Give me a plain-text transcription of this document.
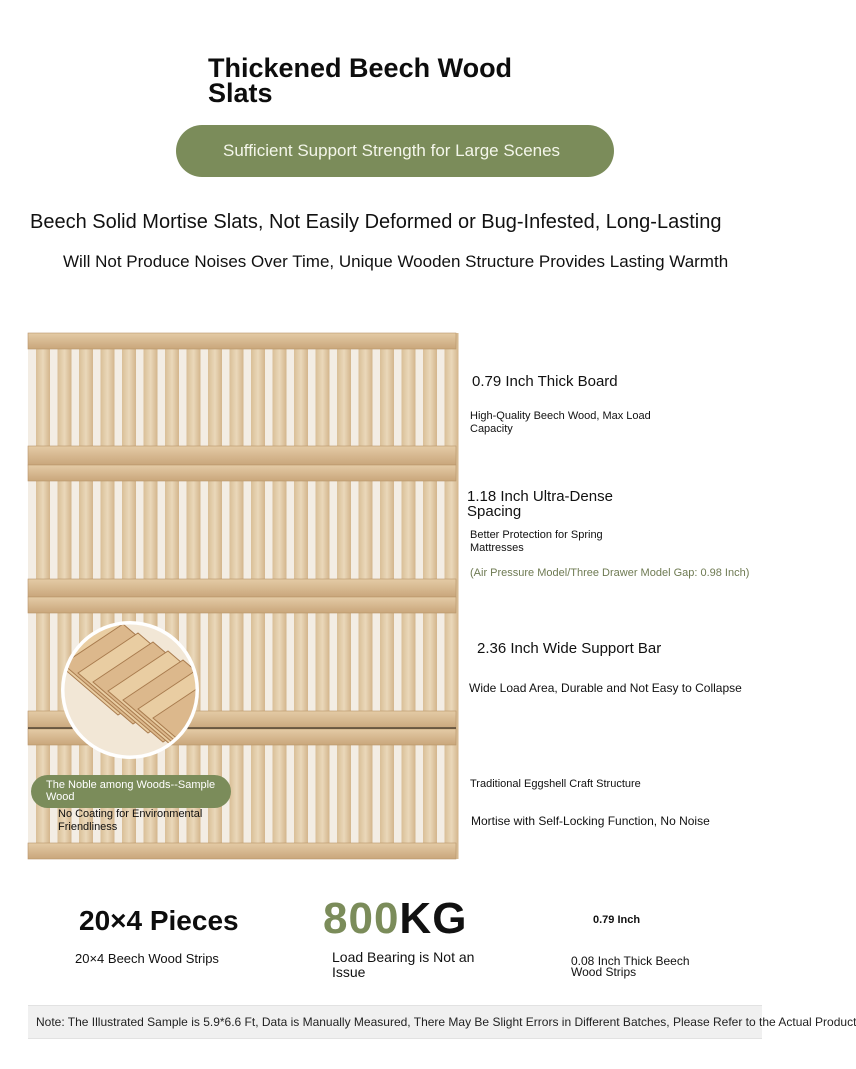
Thickened Beech Wood Slats
Sufficient Support Strength for Large Scenes
Beech Solid Mortise Slats, Not Easily Deformed or Bug-Infested, Long-Lasting
Will Not Produce Noises Over Time, Unique Wooden Structure Provides Lasting Warmth
The Noble among Woods--Sample Wood
No Coating for Environmental Friendliness
0.79 Inch Thick Board
High-Quality Beech Wood, Max Load Capacity
1.18 Inch Ultra-Dense Spacing
Better Protection for Spring Mattresses
(Air Pressure Model/Three Drawer Model Gap: 0.98 Inch)
2.36 Inch Wide Support Bar
Wide Load Area, Durable and Not Easy to Collapse
Traditional Eggshell Craft Structure
Mortise with Self-Locking Function, No Noise
20×4 Pieces
20×4 Beech Wood Strips
800KG
Load Bearing is Not an Issue
0.79 Inch
0.08 Inch Thick Beech Wood Strips
Note: The Illustrated Sample is 5.9*6.6 Ft, Data is Manually Measured, There May Be Slight Errors in Different Batches, Please Refer to the Actual Product
